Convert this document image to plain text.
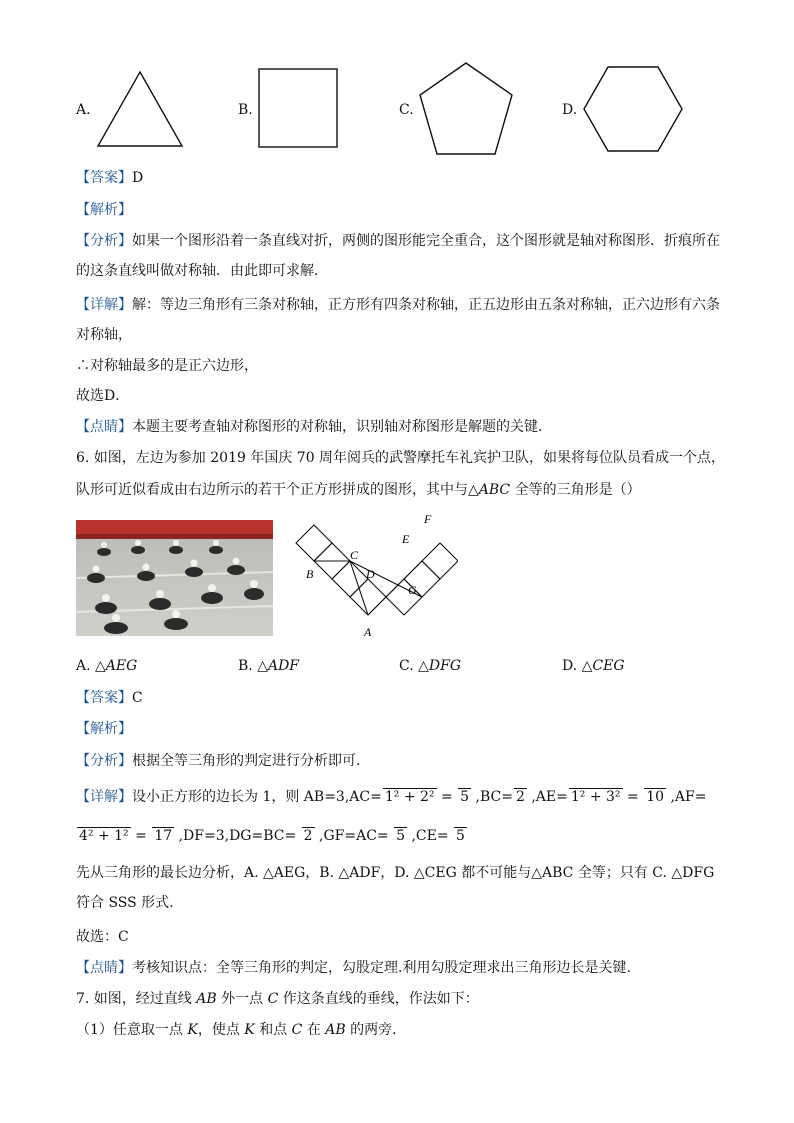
A.	B.	C.	D.
【答案】D
【解析】
【分析】如果一个图形沿着一条直线对折，两侧的图形能完全重合，这个图形就是轴对称图形．折痕所在的这条直线叫做对称轴．由此即可求解．
【详解】解：等边三角形有三条对称轴，正方形有四条对称轴，正五边形由五条对称轴，正六边形有六条对称轴，
∴对称轴最多的是正六边形，
故选D．
【点睛】本题主要考查轴对称图形的对称轴，识别轴对称图形是解题的关键．
6. 如图，左边为参加 2019 年国庆 70 周年阅兵的武警摩托车礼宾护卫队，如果将每位队员看成一个点，
队形可近似看成由右边所示的若干个正方形拼成的图形，其中与△ABC 全等的三角形是（）
C
B	D
A
E
F
G
A. △AEG	B. △ADF	C. △DFG	D. △CEG
【答案】C
【解析】
【分析】根据全等三角形的判定进行分析即可.
【详解】设小正方形的边长为 1，则 AB=3,AC= 1² + 2² = 5 ,BC= 2 ,AE= 1² + 3² = 10 ,AF=
4² + 1² = 17 ,DF=3,DG=BC= 2 ,GF=AC= 5 ,CE= 5
先从三角形的最长边分析，A. △AEG，B. △ADF，D. △CEG 都不可能与△ABC 全等；只有 C. △DFG 符合 SSS 形式.
故选：C
【点睛】考核知识点：全等三角形的判定，勾股定理.利用勾股定理求出三角形边长是关键.
7. 如图，经过直线 AB 外一点 C 作这条直线的垂线，作法如下：
（1）任意取一点 K，使点 K 和点 C 在 AB 的两旁．
